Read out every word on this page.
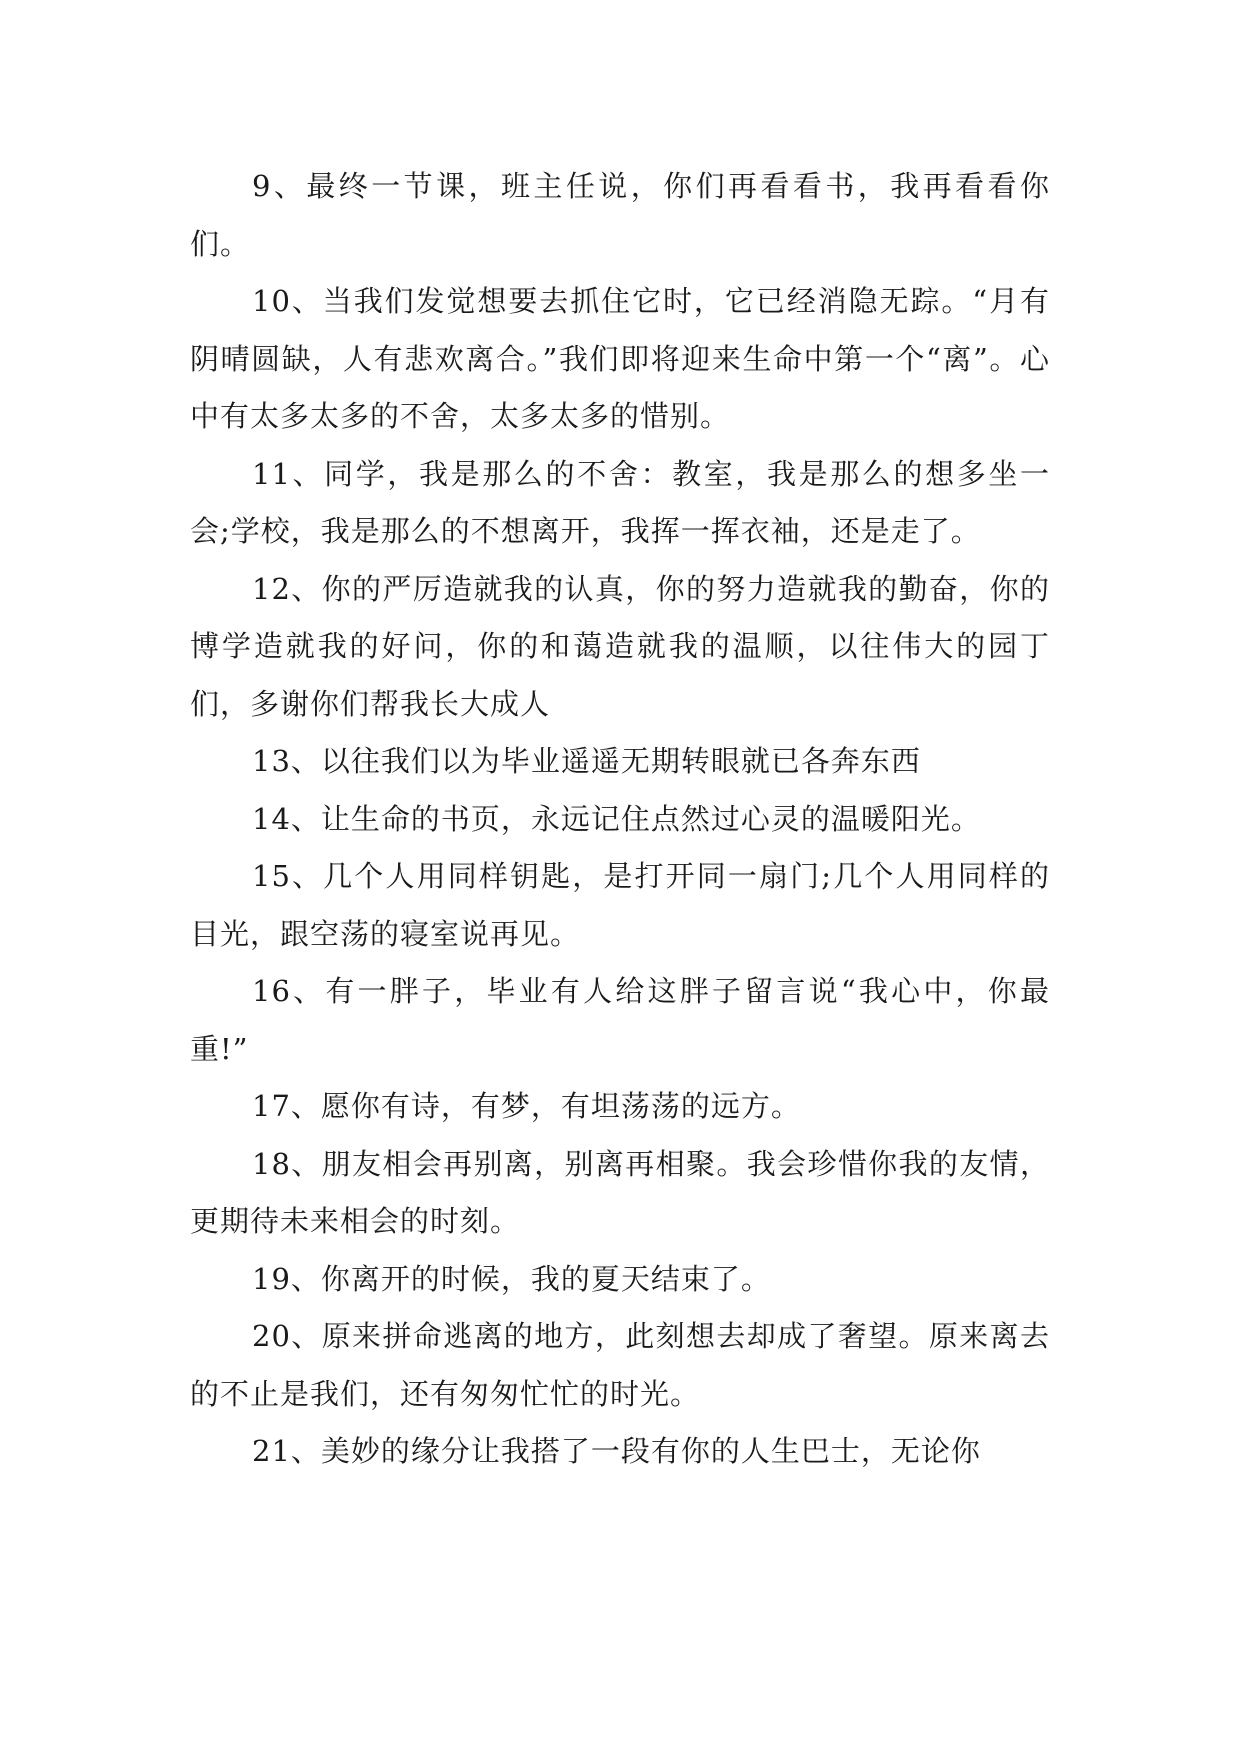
9、最终一节课，班主任说，你们再看看书，我再看看你们。

10、当我们发觉想要去抓住它时，它已经消隐无踪。“月有阴晴圆缺，人有悲欢离合。”我们即将迎来生命中第一个“离”。心中有太多太多的不舍，太多太多的惜别。

11、同学，我是那么的不舍：教室，我是那么的想多坐一会;学校，我是那么的不想离开，我挥一挥衣袖，还是走了。

12、你的严厉造就我的认真，你的努力造就我的勤奋，你的博学造就我的好问，你的和蔼造就我的温顺，以往伟大的园丁们，多谢你们帮我长大成人

13、以往我们以为毕业遥遥无期转眼就已各奔东西

14、让生命的书页，永远记住点然过心灵的温暖阳光。

15、几个人用同样钥匙，是打开同一扇门;几个人用同样的目光，跟空荡的寝室说再见。

16、有一胖子，毕业有人给这胖子留言说“我心中，你最重!”

17、愿你有诗，有梦，有坦荡荡的远方。

18、朋友相会再别离，别离再相聚。我会珍惜你我的友情，更期待未来相会的时刻。

19、你离开的时候，我的夏天结束了。

20、原来拼命逃离的地方，此刻想去却成了奢望。原来离去的不止是我们，还有匆匆忙忙的时光。

21、美妙的缘分让我搭了一段有你的人生巴士，无论你
